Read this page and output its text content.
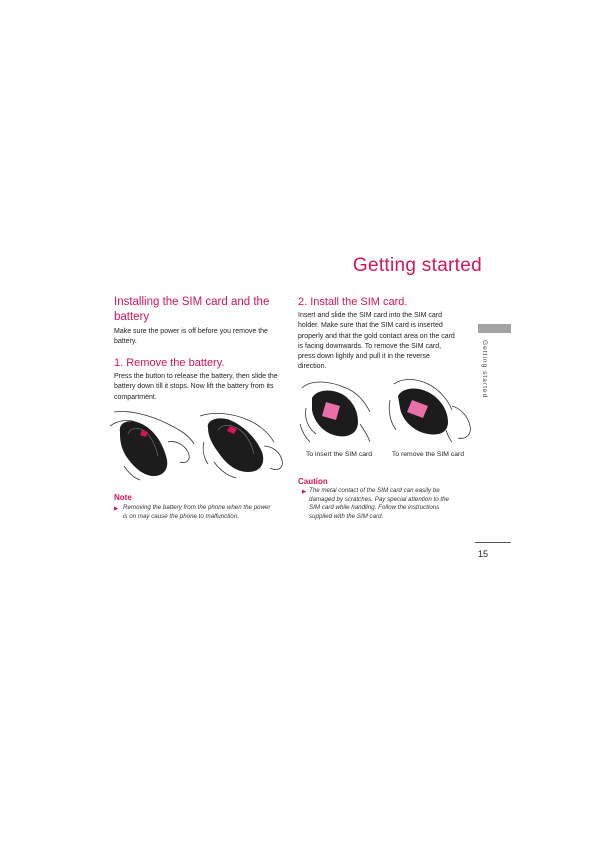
Getting started
Installing the SIM card and the battery
Make sure the power is off before you remove the battery.
1. Remove the battery.
Press the button to release the battery, then slide the battery down till it stops. Now lift the battery from its compartment.
Note
▶ Removing the battery from the phone when the power is on may cause the phone to malfunction.
2. Install the SIM card.
Insert and slide the SIM card into the SIM card holder. Make sure that the SIM card is inserted properly and that the gold contact area on the card is facing downwards. To remove the SIM card, press down lightly and pull it in the reverse direction.
To insert the SIM card	To remove the SIM card
Caution
▶ The metal contact of the SIM card can easily be damaged by scratches. Pay special attention to the SIM card while handling. Follow the instructions supplied with the SIM card.
Getting started
15
